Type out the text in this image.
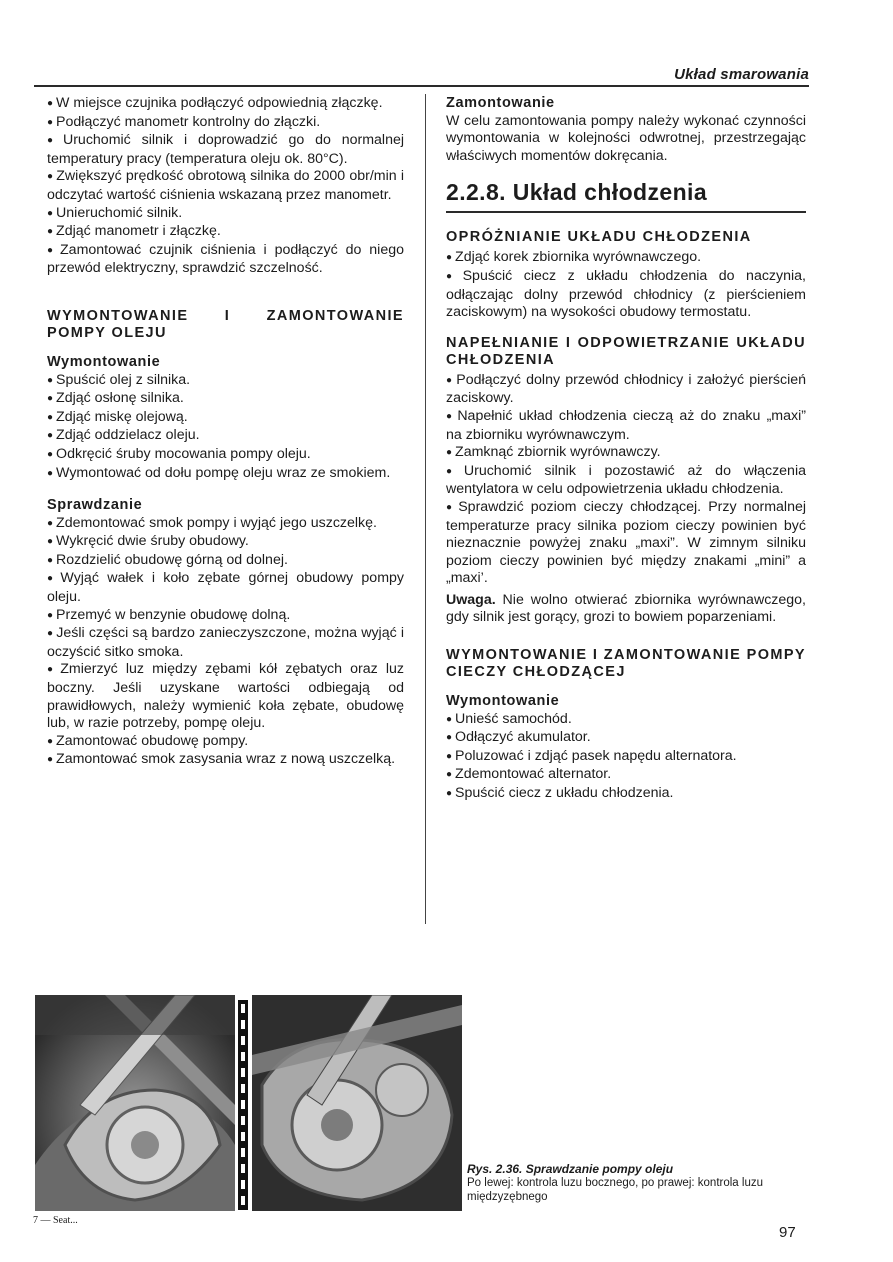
Układ smarowania

● W miejsce czujnika podłączyć odpowiednią złączkę.

● Podłączyć manometr kontrolny do złączki.

● Uruchomić silnik i doprowadzić go do normalnej temperatury pracy (temperatura oleju ok. 80°C).

● Zwiększyć prędkość obrotową silnika do 2000 obr/min i odczytać wartość ciśnienia wskazaną przez manometr.

● Unieruchomić silnik.

● Zdjąć manometr i złączkę.

● Zamontować czujnik ciśnienia i podłączyć do niego przewód elektryczny, sprawdzić szczelność.

WYMONTOWANIE I ZAMONTOWANIE POMPY OLEJU

Wymontowanie

● Spuścić olej z silnika.

● Zdjąć osłonę silnika.

● Zdjąć miskę olejową.

● Zdjąć oddzielacz oleju.

● Odkręcić śruby mocowania pompy oleju.

● Wymontować od dołu pompę oleju wraz ze smokiem.

Sprawdzanie

● Zdemontować smok pompy i wyjąć jego uszczelkę.

● Wykręcić dwie śruby obudowy.

● Rozdzielić obudowę górną od dolnej.

● Wyjąć wałek i koło zębate górnej obudowy pompy oleju.

● Przemyć w benzynie obudowę dolną.

● Jeśli części są bardzo zanieczyszczone, można wyjąć i oczyścić sitko smoka.

● Zmierzyć luz między zębami kół zębatych oraz luz boczny. Jeśli uzyskane wartości odbiegają od prawidłowych, należy wymienić koła zębate, obudowę lub, w razie potrzeby, pompę oleju.

● Zamontować obudowę pompy.

● Zamontować smok zasysania wraz z nową uszczelką.

Zamontowanie

W celu zamontowania pompy należy wykonać czynności wymontowania w kolejności odwrotnej, przestrzegając właściwych momentów dokręcania.

2.2.8. Układ chłodzenia

OPRÓŻNIANIE UKŁADU CHŁODZENIA

● Zdjąć korek zbiornika wyrównawczego.

● Spuścić ciecz z układu chłodzenia do naczynia, odłączając dolny przewód chłodnicy (z pierścieniem zaciskowym) na wysokości obudowy termostatu.

NAPEŁNIANIE I ODPOWIETRZANIE UKŁADU CHŁODZENIA

● Podłączyć dolny przewód chłodnicy i założyć pierścień zaciskowy.

● Napełnić układ chłodzenia cieczą aż do znaku „maxi” na zbiorniku wyrównawczym.

● Zamknąć zbiornik wyrównawczy.

● Uruchomić silnik i pozostawić aż do włączenia wentylatora w celu odpowietrzenia układu chłodzenia.

● Sprawdzić poziom cieczy chłodzącej. Przy normalnej temperaturze pracy silnika poziom cieczy powinien być nieznacznie powyżej znaku „maxi”. W zimnym silniku poziom cieczy powinien być między znakami „mini” a „maxi’.

Uwaga. Nie wolno otwierać zbiornika wyrównawczego, gdy silnik jest gorący, grozi to bowiem poparzeniami.

WYMONTOWANIE I ZAMONTOWANIE POMPY CIECZY CHŁODZĄCEJ

Wymontowanie

● Unieść samochód.

● Odłączyć akumulator.

● Poluzować i zdjąć pasek napędu alternatora.

● Zdemontować alternator.

● Spuścić ciecz z układu chłodzenia.

Rys. 2.36. Sprawdzanie pompy oleju

Po lewej: kontrola luzu bocznego, po prawej: kontrola luzu międzyzębnego

7 — Seat...
97
